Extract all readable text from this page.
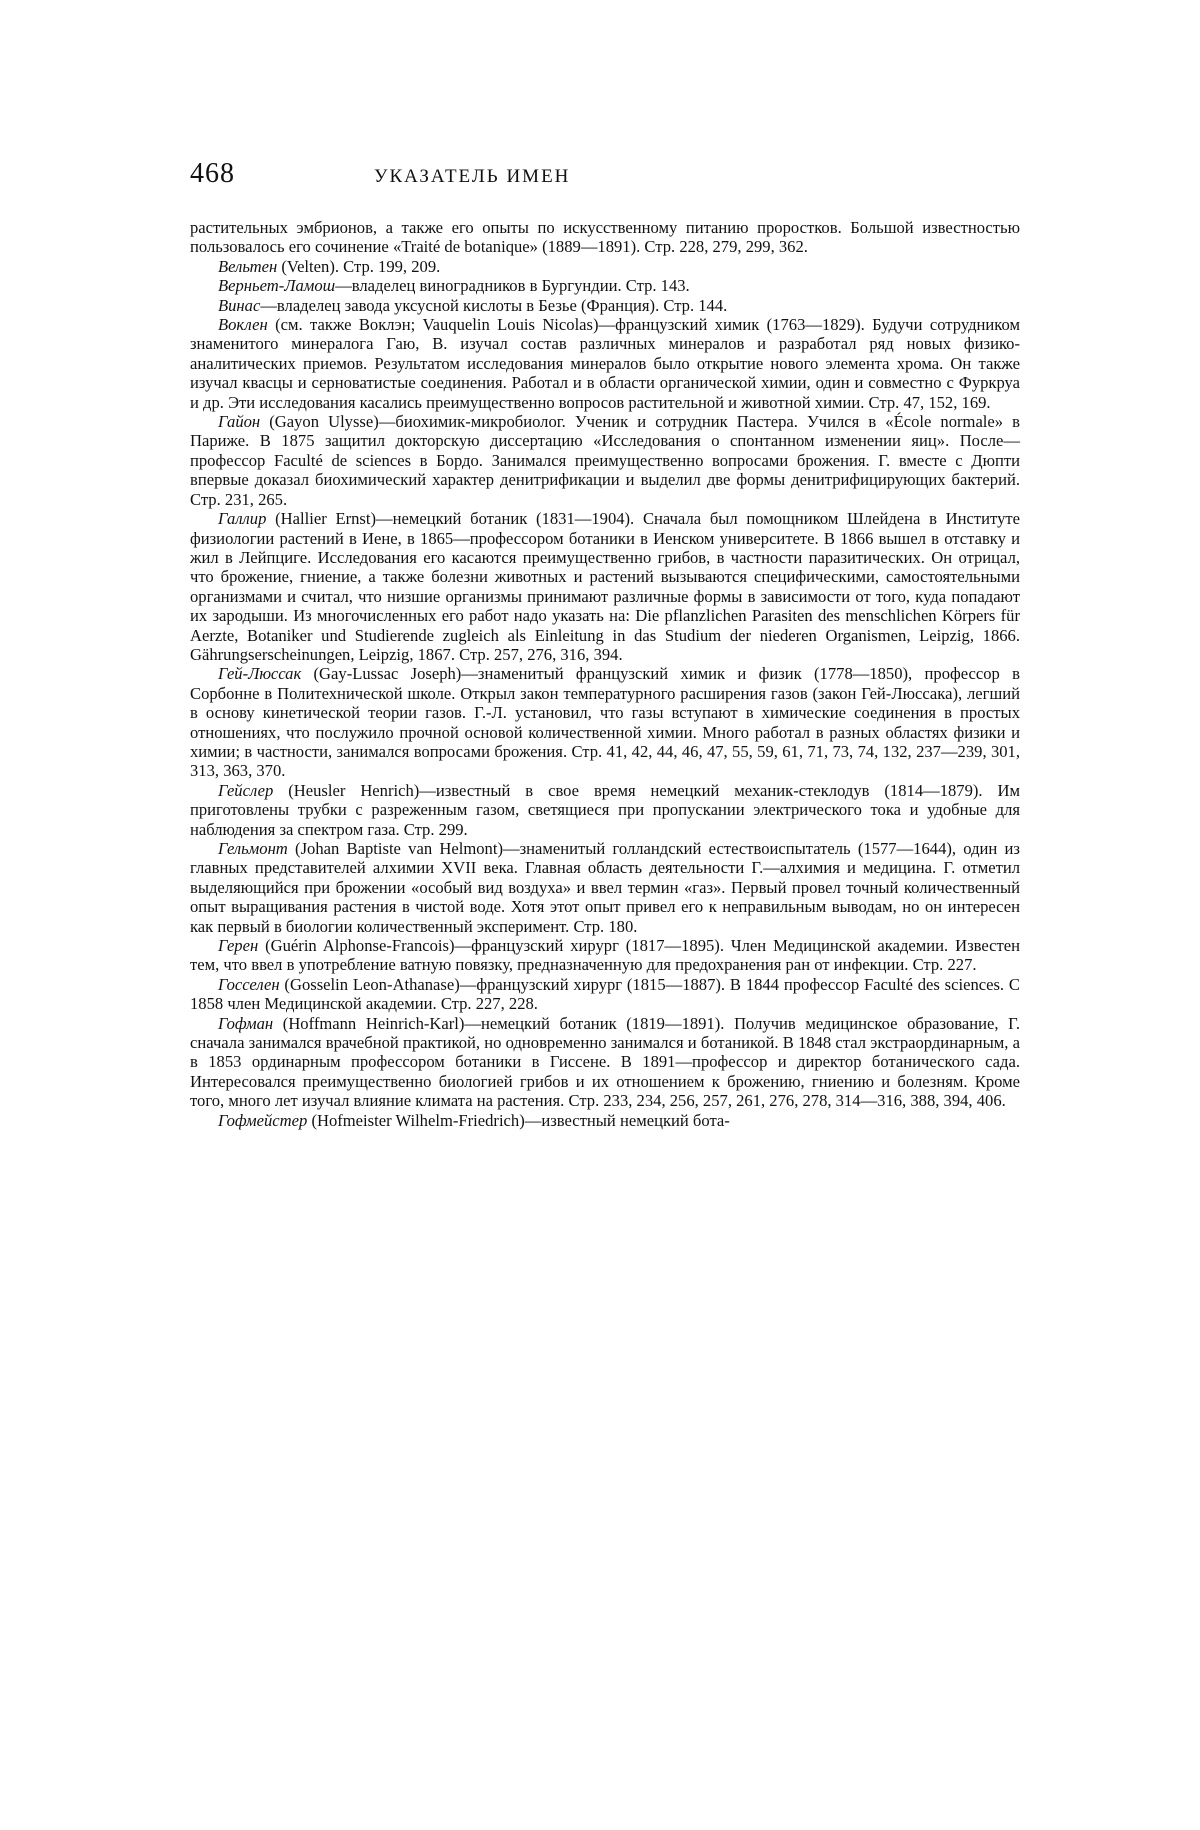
468	УКАЗАТЕЛЬ ИМЕН

растительных эмбрионов, а также его опыты по искусственному питанию проростков. Большой известностью пользовалось его сочинение «Traité de botanique» (1889—1891). Стр. 228, 279, 299, 362.

Вельтен (Velten). Стр. 199, 209.

Верньет-Ламош—владелец виноградников в Бургундии. Стр. 143.

Винас—владелец завода уксусной кислоты в Безье (Франция). Стр. 144.

Воклен (см. также Воклэн; Vauquelin Louis Nicolas)—французский химик (1763—1829). Будучи сотрудником знаменитого минералога Гаю, В. изучал состав различных минералов и разработал ряд новых физико-аналитических приемов. Результатом исследования минералов было открытие нового элемента хрома. Он также изучал квасцы и серноватистые соединения. Работал и в области органической химии, один и совместно с Фуркруа и др. Эти исследования касались преимущественно вопросов растительной и животной химии. Стр. 47, 152, 169.

Гайон (Gayon Ulysse)—биохимик-микробиолог. Ученик и сотрудник Пастера. Учился в «École normale» в Париже. В 1875 защитил докторскую диссертацию «Исследования о спонтанном изменении яиц». После—профессор Faculté de sciences в Бордо. Занимался преимущественно вопросами брожения. Г. вместе с Дюпти впервые доказал биохимический характер денитрификации и выделил две формы денитрифицирующих бактерий. Стр. 231, 265.

Галлир (Hallier Ernst)—немецкий ботаник (1831—1904). Сначала был помощником Шлейдена в Институте физиологии растений в Иене, в 1865—профессором ботаники в Иенском университете. В 1866 вышел в отставку и жил в Лейпциге. Исследования его касаются преимущественно грибов, в частности паразитических. Он отрицал, что брожение, гниение, а также болезни животных и растений вызываются специфическими, самостоятельными организмами и считал, что низшие организмы принимают различные формы в зависимости от того, куда попадают их зародыши. Из многочисленных его работ надо указать на: Die pflanzlichen Parasiten des menschlichen Körpers für Aerzte, Botaniker und Studierende zugleich als Einleitung in das Studium der niederen Organismen, Leipzig, 1866. Gährungserscheinungen, Leipzig, 1867. Стр. 257, 276, 316, 394.

Гей-Люссак (Gay-Lussac Joseph)—знаменитый французский химик и физик (1778—1850), профессор в Сорбонне в Политехнической школе. Открыл закон температурного расширения газов (закон Гей-Люссака), легший в основу кинетической теории газов. Г.-Л. установил, что газы вступают в химические соединения в простых отношениях, что послужило прочной основой количественной химии. Много работал в разных областях физики и химии; в частности, занимался вопросами брожения. Стр. 41, 42, 44, 46, 47, 55, 59, 61, 71, 73, 74, 132, 237—239, 301, 313, 363, 370.

Гейслер (Heusler Henrich)—известный в свое время немецкий механик-стеклодув (1814—1879). Им приготовлены трубки с разреженным газом, светящиеся при пропускании электрического тока и удобные для наблюдения за спектром газа. Стр. 299.

Гельмонт (Johan Baptiste van Helmont)—знаменитый голландский естествоиспытатель (1577—1644), один из главных представителей алхимии XVII века. Главная область деятельности Г.—алхимия и медицина. Г. отметил выделяющийся при брожении «особый вид воздуха» и ввел термин «газ». Первый провел точный количественный опыт выращивания растения в чистой воде. Хотя этот опыт привел его к неправильным выводам, но он интересен как первый в биологии количественный эксперимент. Стр. 180.

Герен (Guérin Alphonse-Francois)—французский хирург (1817—1895). Член Медицинской академии. Известен тем, что ввел в употребление ватную повязку, предназначенную для предохранения ран от инфекции. Стр. 227.

Госселен (Gosselin Leon-Athanase)—французский хирург (1815—1887). В 1844 профессор Faculté des sciences. С 1858 член Медицинской академии. Стр. 227, 228.

Гофман (Hoffmann Heinrich-Karl)—немецкий ботаник (1819—1891). Получив медицинское образование, Г. сначала занимался врачебной практикой, но одновременно занимался и ботаникой. В 1848 стал экстраординарным, а в 1853 ординарным профессором ботаники в Гиссене. В 1891—профессор и директор ботанического сада. Интересовался преимущественно биологией грибов и их отношением к брожению, гниению и болезням. Кроме того, много лет изучал влияние климата на растения. Стр. 233, 234, 256, 257, 261, 276, 278, 314—316, 388, 394, 406.

Гофмейстер (Hofmeister Wilhelm-Friedrich)—известный немецкий бота-
